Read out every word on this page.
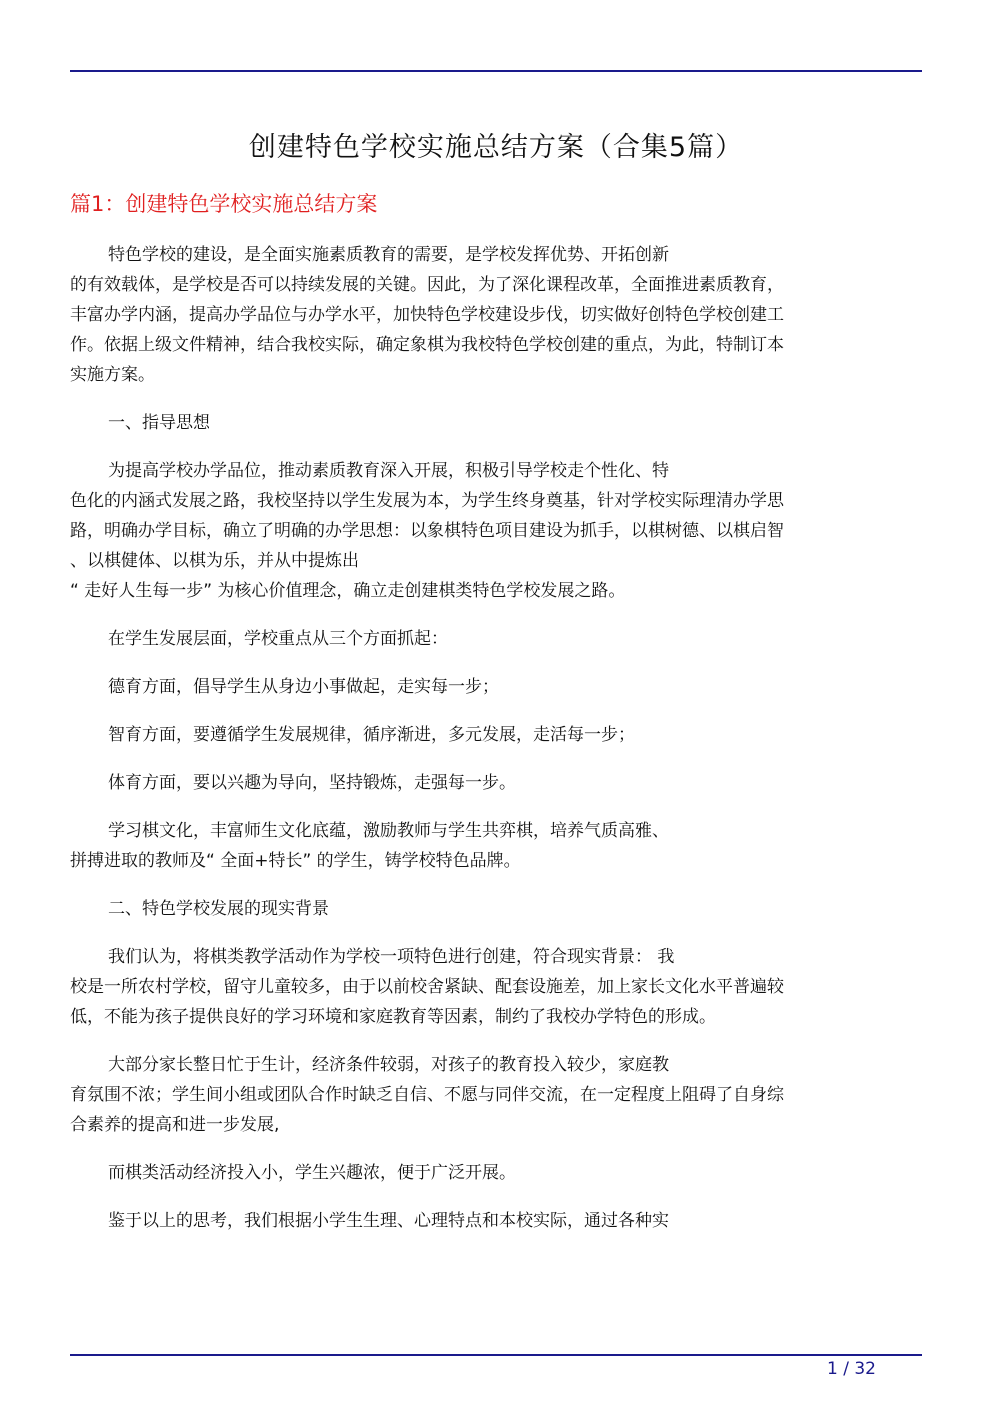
创建特色学校实施总结方案（合集5篇）
篇1：创建特色学校实施总结方案

特色学校的建设，是全面实施素质教育的需要，是学校发挥优势、开拓创新
的有效载体，是学校是否可以持续发展的关键。因此，为了深化课程改革，全面推进素质教育，
丰富办学内涵，提高办学品位与办学水平，加快特色学校建设步伐，切实做好创特色学校创建工
作。依据上级文件精神，结合我校实际，确定象棋为我校特色学校创建的重点，为此，特制订本
实施方案。

一、指导思想

为提高学校办学品位，推动素质教育深入开展，积极引导学校走个性化、特
色化的内涵式发展之路，我校坚持以学生发展为本，为学生终身奠基，针对学校实际理清办学思
路，明确办学目标，确立了明确的办学思想：以象棋特色项目建设为抓手，以棋树德、以棋启智
、以棋健体、以棋为乐，并从中提炼出
“ 走好人生每一步” 为核心价值理念，确立走创建棋类特色学校发展之路。

在学生发展层面，学校重点从三个方面抓起：

德育方面，倡导学生从身边小事做起，走实每一步；

智育方面，要遵循学生发展规律，循序渐进，多元发展，走活每一步；

体育方面，要以兴趣为导向，坚持锻炼，走强每一步。

学习棋文化，丰富师生文化底蕴，激励教师与学生共弈棋，培养气质高雅、
拼搏进取的教师及“ 全面+特长” 的学生，铸学校特色品牌。

二、特色学校发展的现实背景

我们认为，将棋类教学活动作为学校一项特色进行创建，符合现实背景： 我
校是一所农村学校，留守儿童较多，由于以前校舍紧缺、配套设施差，加上家长文化水平普遍较
低，不能为孩子提供良好的学习环境和家庭教育等因素，制约了我校办学特色的形成。

大部分家长整日忙于生计，经济条件较弱，对孩子的教育投入较少，家庭教
育氛围不浓；学生间小组或团队合作时缺乏自信、不愿与同伴交流，在一定程度上阻碍了自身综
合素养的提高和进一步发展,

而棋类活动经济投入小，学生兴趣浓，便于广泛开展。

鉴于以上的思考，我们根据小学生生理、心理特点和本校实际，通过各种实

1 / 32
